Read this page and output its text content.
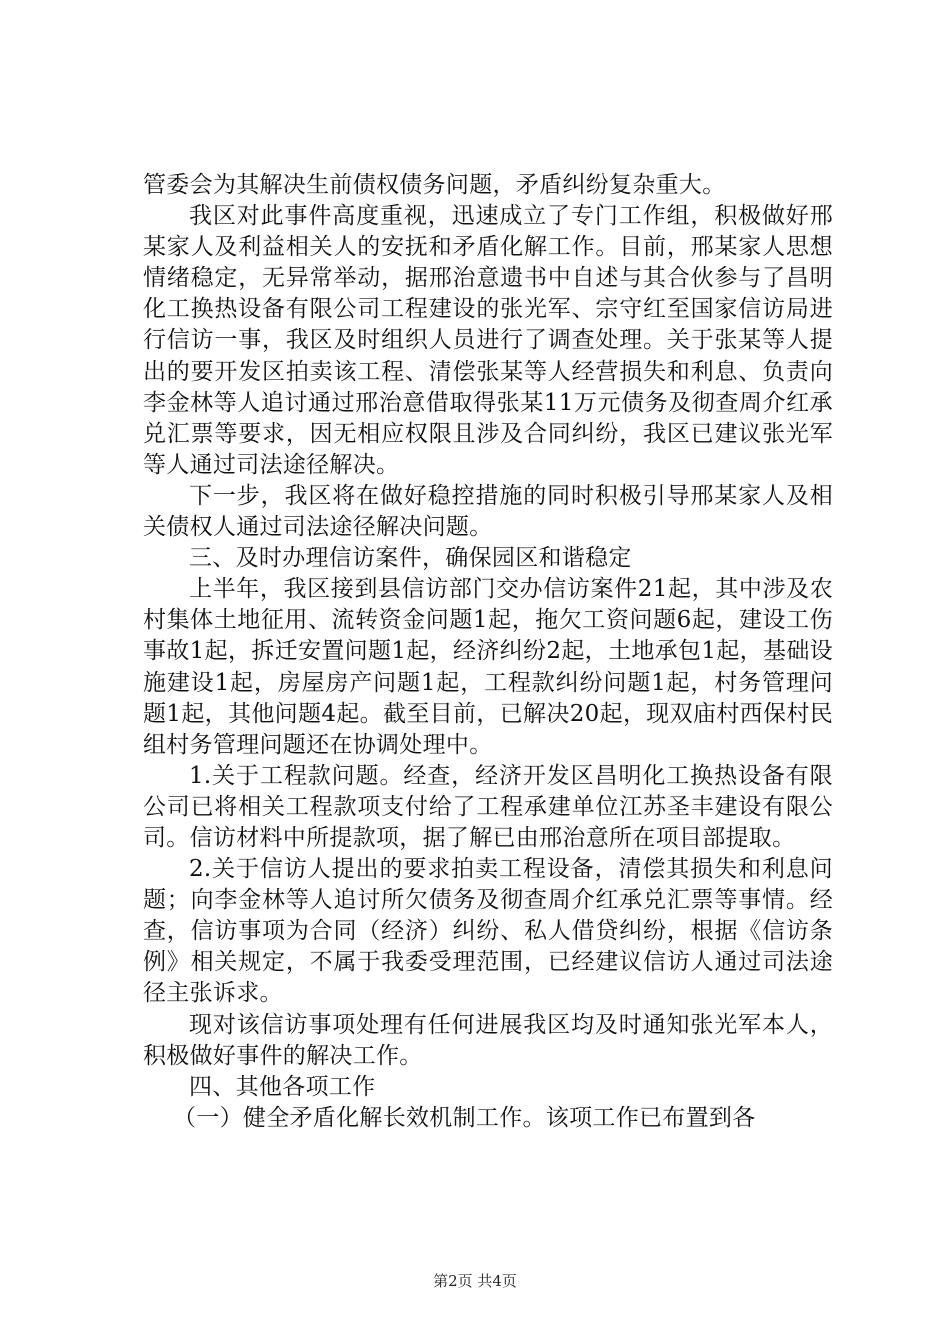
管委会为其解决生前债权债务问题，矛盾纠纷复杂重大。

我区对此事件高度重视，迅速成立了专门工作组，积极做好邢某家人及利益相关人的安抚和矛盾化解工作。目前，邢某家人思想情绪稳定，无异常举动，据邢治意遗书中自述与其合伙参与了昌明化工换热设备有限公司工程建设的张光军、宗守红至国家信访局进行信访一事，我区及时组织人员进行了调查处理。关于张某等人提出的要开发区拍卖该工程、清偿张某等人经营损失和利息、负责向李金林等人追讨通过邢治意借取得张某11万元债务及彻查周介红承兑汇票等要求，因无相应权限且涉及合同纠纷，我区已建议张光军等人通过司法途径解决。

下一步，我区将在做好稳控措施的同时积极引导邢某家人及相关债权人通过司法途径解决问题。

三、及时办理信访案件，确保园区和谐稳定

上半年，我区接到县信访部门交办信访案件21起，其中涉及农村集体土地征用、流转资金问题1起，拖欠工资问题6起，建设工伤事故1起，拆迁安置问题1起，经济纠纷2起，土地承包1起，基础设施建设1起，房屋房产问题1起，工程款纠纷问题1起，村务管理问题1起，其他问题4起。截至目前，已解决20起，现双庙村西保村民组村务管理问题还在协调处理中。

1.关于工程款问题。经查，经济开发区昌明化工换热设备有限公司已将相关工程款项支付给了工程承建单位江苏圣丰建设有限公司。信访材料中所提款项，据了解已由邢治意所在项目部提取。

2.关于信访人提出的要求拍卖工程设备，清偿其损失和利息问题；向李金林等人追讨所欠债务及彻查周介红承兑汇票等事情。经查，信访事项为合同（经济）纠纷、私人借贷纠纷，根据《信访条例》相关规定，不属于我委受理范围，已经建议信访人通过司法途径主张诉求。

现对该信访事项处理有任何进展我区均及时通知张光军本人，积极做好事件的解决工作。

四、其他各项工作

（一）健全矛盾化解长效机制工作。该项工作已布置到各

第2页 共4页
